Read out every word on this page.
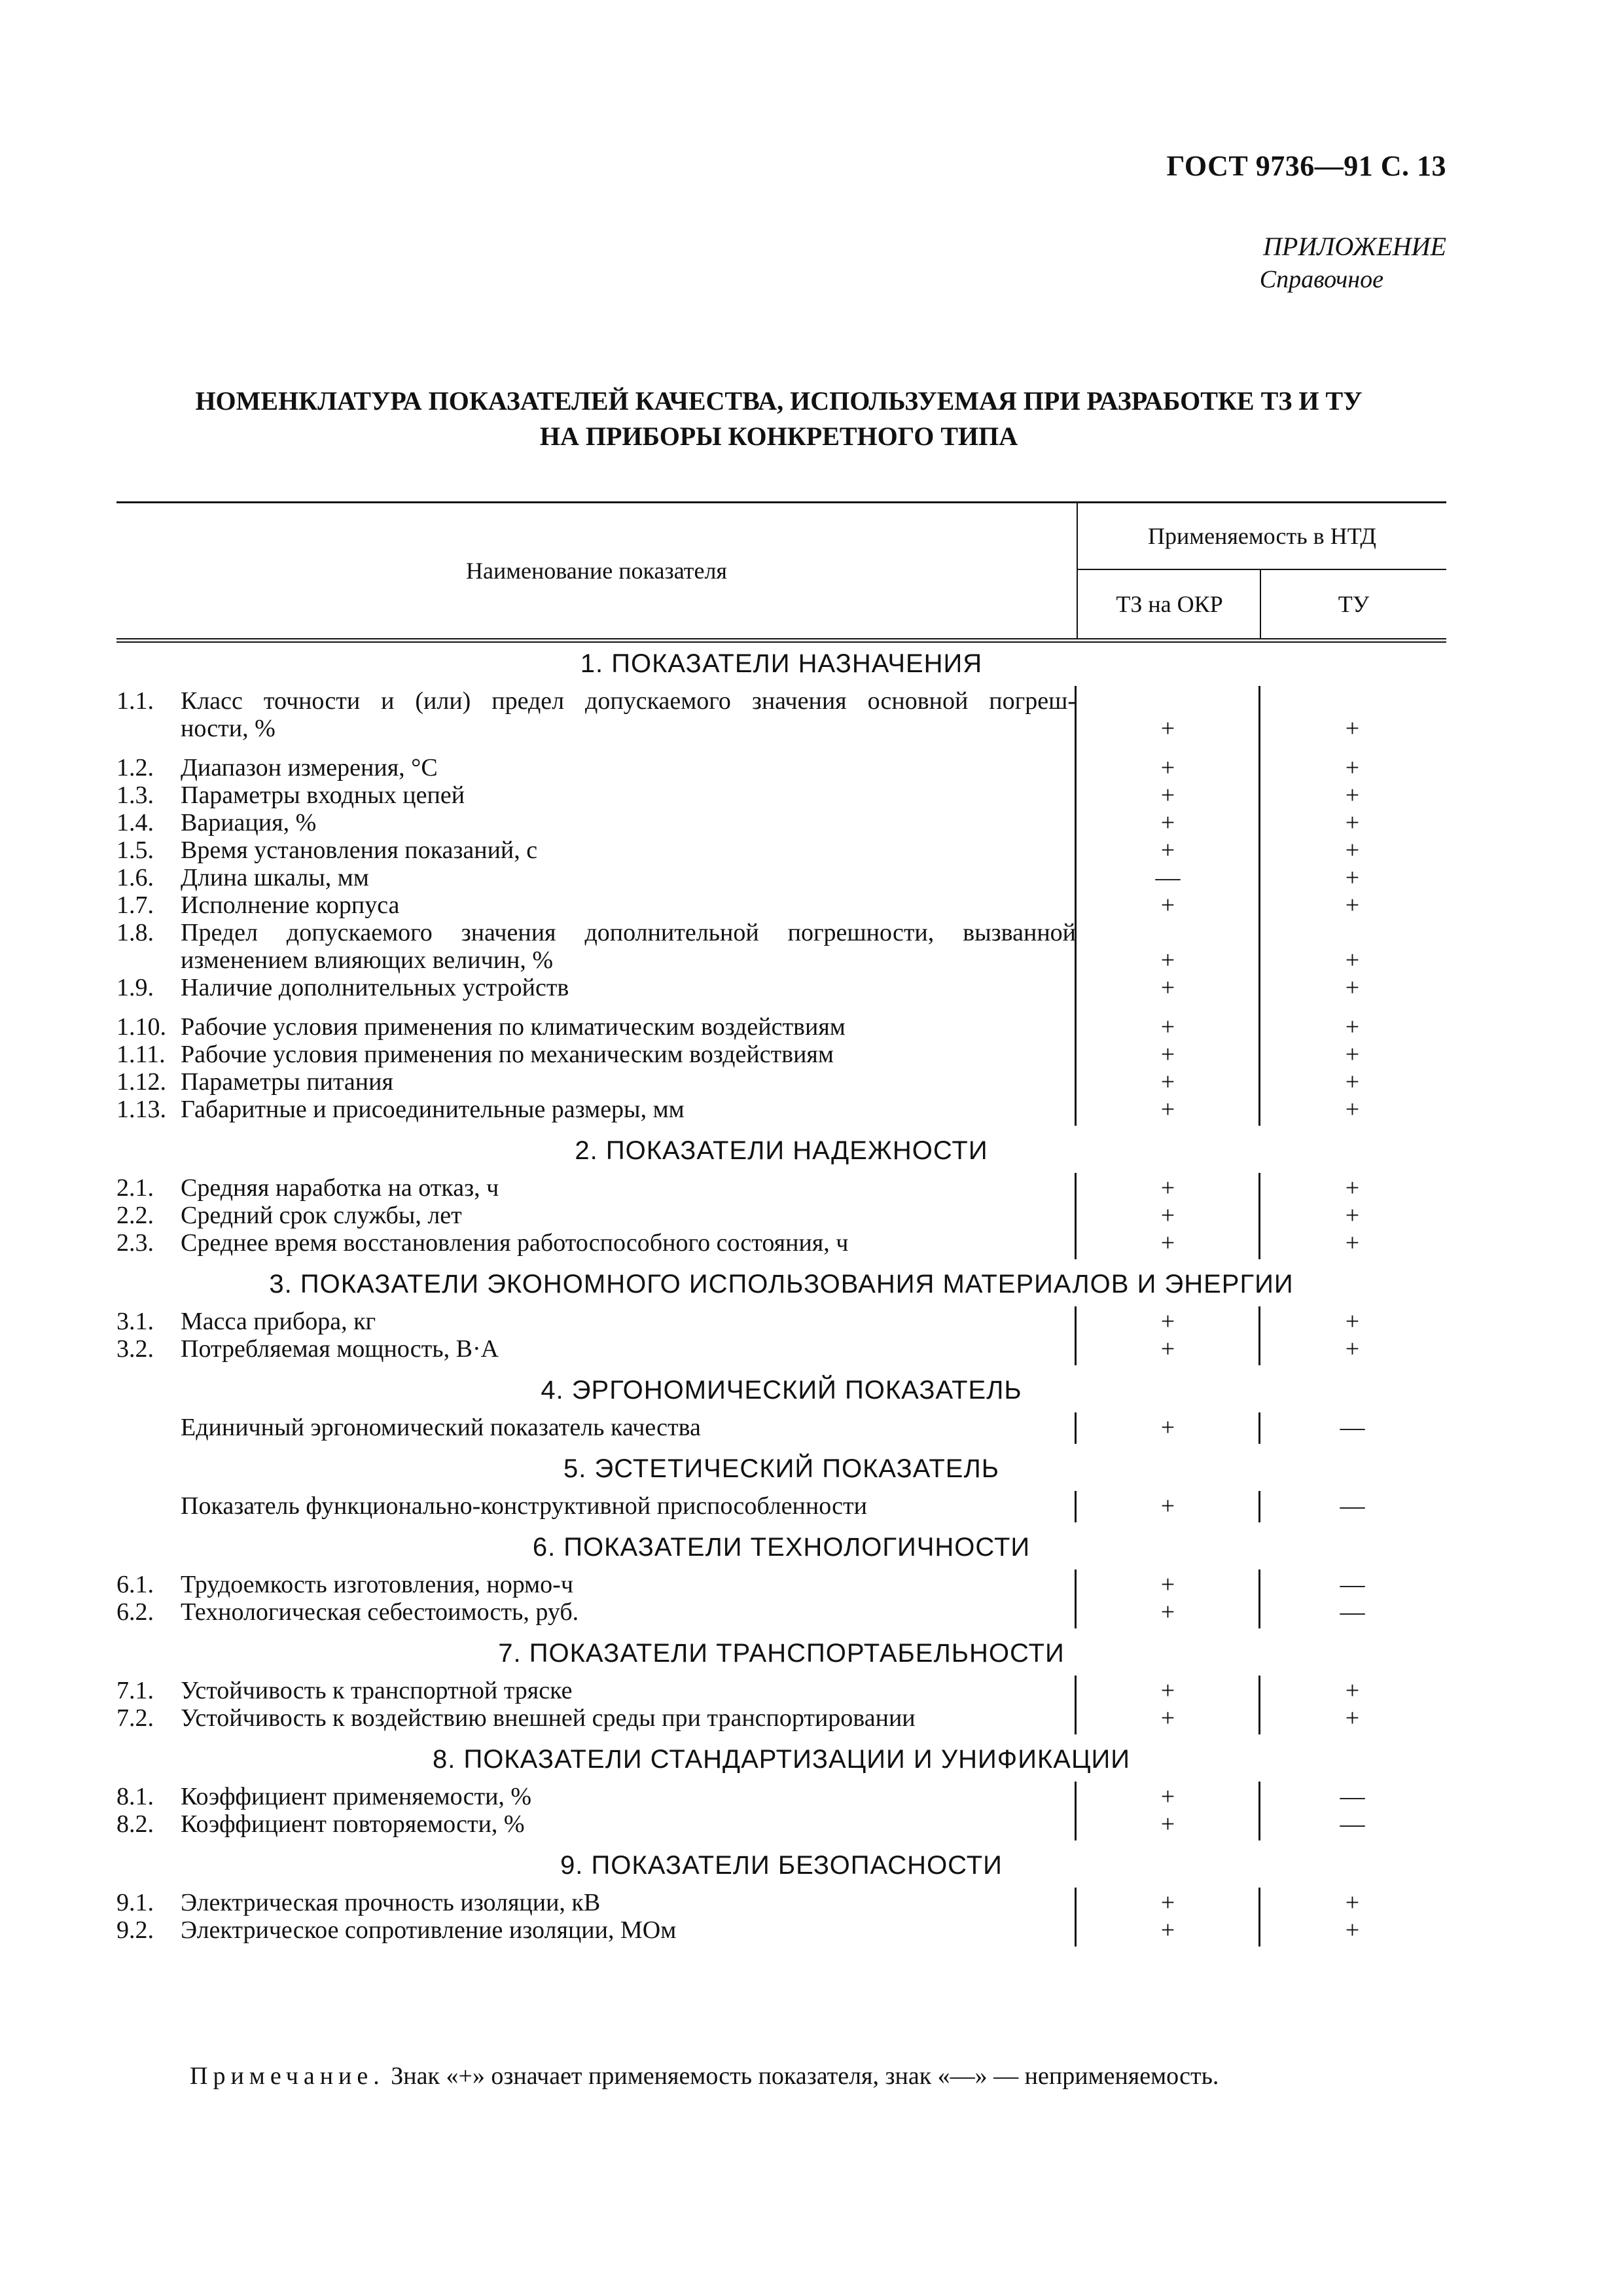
ГОСТ 9736—91 С. 13
ПРИЛОЖЕНИЕ
Справочное
НОМЕНКЛАТУРА ПОКАЗАТЕЛЕЙ КАЧЕСТВА, ИСПОЛЬЗУЕМАЯ ПРИ РАЗРАБОТКЕ ТЗ И ТУ
НА ПРИБОРЫ КОНКРЕТНОГО ТИПА
Наименование показателя
Применяемость в НТД
ТЗ на ОКР	ТУ
1. ПОКАЗАТЕЛИ НАЗНАЧЕНИЯ
1.1.	Класс точности и (или) предел допускаемого значения основной погреш-
ности, %	+	+
1.2.	Диапазон измерения, °С	+	+
1.3.	Параметры входных цепей	+	+
1.4.	Вариация, %	+	+
1.5.	Время установления показаний, с	+	+
1.6.	Длина шкалы, мм	—	+
1.7.	Исполнение корпуса	+	+
1.8.	Предел допускаемого значения дополнительной погрешности, вызванной
изменением влияющих величин, %	+	+
1.9.	Наличие дополнительных устройств	+	+
1.10. Рабочие условия применения по климатическим воздействиям	+	+
1.11. Рабочие условия применения по механическим воздействиям	+	+
1.12. Параметры питания	+	+
1.13. Габаритные и присоединительные размеры, мм	+	+
2. ПОКАЗАТЕЛИ НАДЕЖНОСТИ
2.1.	Средняя наработка на отказ, ч	+	+
2.2.	Средний срок службы, лет	+	+
2.3.	Среднее время восстановления работоспособного состояния, ч	+	+
3. ПОКАЗАТЕЛИ ЭКОНОМНОГО ИСПОЛЬЗОВАНИЯ МАТЕРИАЛОВ И ЭНЕРГИИ
3.1.	Масса прибора, кг	+	+
3.2.	Потребляемая мощность, В·А	+	+
4. ЭРГОНОМИЧЕСКИЙ ПОКАЗАТЕЛЬ
Единичный эргономический показатель качества	+	—
5. ЭСТЕТИЧЕСКИЙ ПОКАЗАТЕЛЬ
Показатель функционально-конструктивной приспособленности	+	—
6. ПОКАЗАТЕЛИ ТЕХНОЛОГИЧНОСТИ
6.1.	Трудоемкость изготовления, нормо-ч	+	—
6.2.	Технологическая себестоимость, руб.	+	—
7. ПОКАЗАТЕЛИ ТРАНСПОРТАБЕЛЬНОСТИ
7.1.	Устойчивость к транспортной тряске	+	+
7.2.	Устойчивость к воздействию внешней среды при транспортировании	+	+
8. ПОКАЗАТЕЛИ СТАНДАРТИЗАЦИИ И УНИФИКАЦИИ
8.1.	Коэффициент применяемости, %	+	—
8.2.	Коэффициент повторяемости, %	+	—
9. ПОКАЗАТЕЛИ БЕЗОПАСНОСТИ
9.1.	Электрическая прочность изоляции, кВ	+	+
9.2.	Электрическое сопротивление изоляции, МОм	+	+
Примечание. Знак «+» означает применяемость показателя, знак «—» — неприменяемость.
